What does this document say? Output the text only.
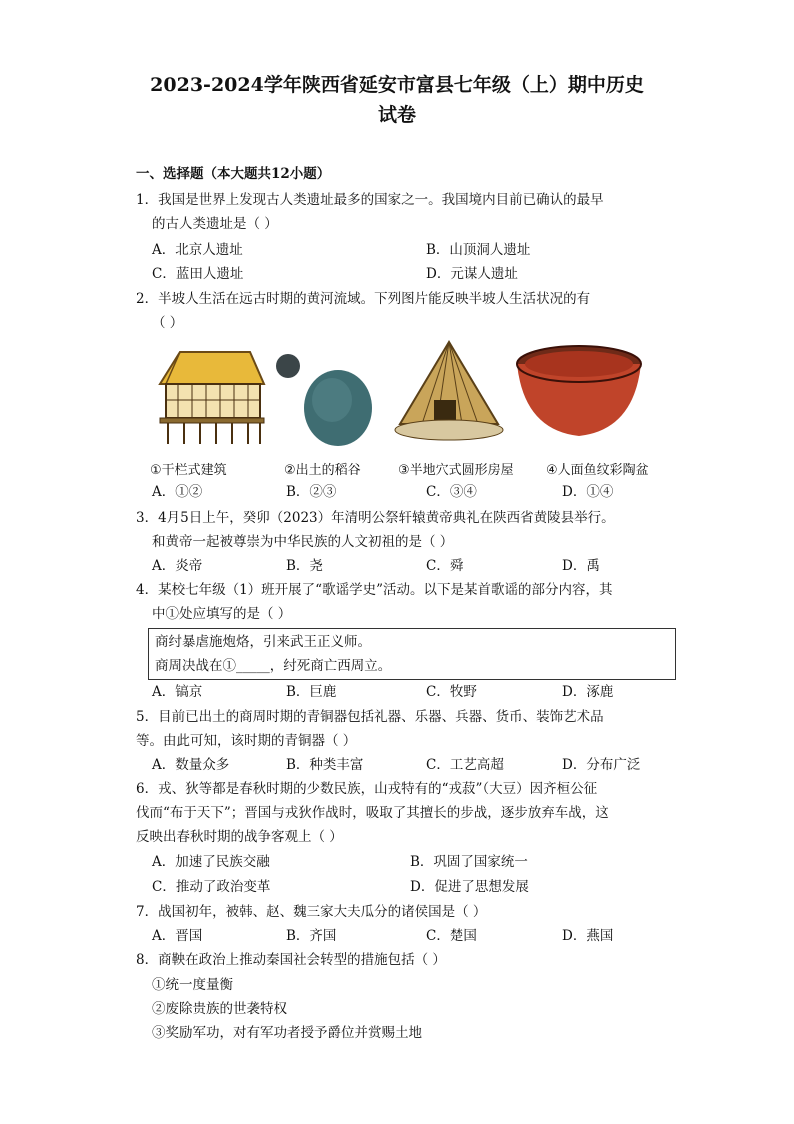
2023-2024学年陕西省延安市富县七年级（上）期中历史
试卷
一、选择题（本大题共12小题）
1．我国是世界上发现古人类遗址最多的国家之一。我国境内目前已确认的最早
的古人类遗址是（ ）
A．北京人遗址	B．山顶洞人遗址
C．蓝田人遗址	D．元谋人遗址
2．半坡人生活在远古时期的黄河流域。下列图片能反映半坡人生活状况的有
（ ）
①干栏式建筑	②出土的稻谷	③半地穴式圆形房屋 ④人面鱼纹彩陶盆
A．①②	B．②③	C．③④	D．①④
3．4月5日上午，癸卯（2023）年清明公祭轩辕黄帝典礼在陕西省黄陵县举行。
和黄帝一起被尊崇为中华民族的人文初祖的是（ ）
A．炎帝	B．尧	C．舜	D．禹
4．某校七年级（1）班开展了“歌谣学史”活动。以下是某首歌谣的部分内容，其
中①处应填写的是（ ）
商纣暴虐施炮烙，引来武王正义师。
商周决战在①_____，纣死商亡西周立。
A．镐京	B．巨鹿	C．牧野	D．涿鹿
5．目前已出土的商周时期的青铜器包括礼器、乐器、兵器、货币、装饰艺术品
等。由此可知，该时期的青铜器（ ）
A．数量众多	B．种类丰富	C．工艺高超	D．分布广泛
6．戎、狄等都是春秋时期的少数民族，山戎特有的“戎菽”（大豆）因齐桓公征
伐而“布于天下”；晋国与戎狄作战时，吸取了其擅长的步战，逐步放弃车战，这
反映出春秋时期的战争客观上（ ）
A．加速了民族交融	B．巩固了国家统一
C．推动了政治变革	D．促进了思想发展
7．战国初年，被韩、赵、魏三家大夫瓜分的诸侯国是（ ）
A．晋国	B．齐国	C．楚国	D．燕国
8．商鞅在政治上推动秦国社会转型的措施包括（ ）
①统一度量衡
②废除贵族的世袭特权
③奖励军功，对有军功者授予爵位并赏赐土地
